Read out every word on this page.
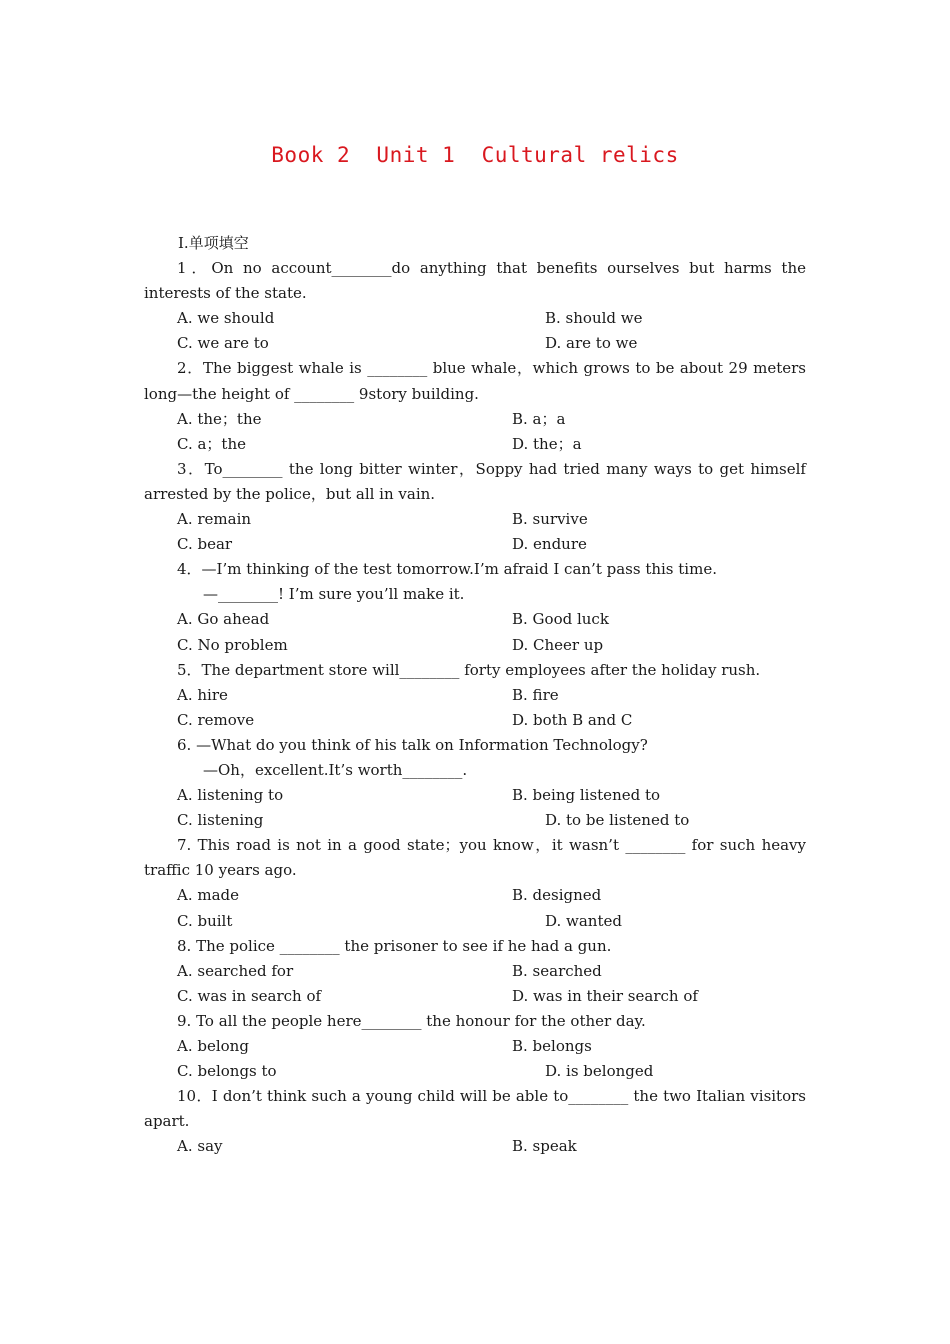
Book 2  Unit 1  Cultural relics
Ⅰ.单项填空

1．On no account________do anything that benefits ourselves but harms the interests of the state.

A. we should	B. should we
C. we are to	D. are to we

2．The biggest whale is ________ blue whale，which grows to be about 29 meters long—the height of ________ 9story building.

A. the；the	B. a；a
C. a；the	D. the；a

3．To________ the long bitter winter，Soppy had tried many ways to get himself arrested by the police，but all in vain.

A. remain	B. survive
C. bear	D. endure

4．—I’m thinking of the test tomorrow.I’m afraid I can’t pass this time.

—________! I’m sure you’ll make it.

A. Go ahead	B. Good luck
C. No problem	D. Cheer up

5．The department store will________ forty employees after the holiday rush.

A. hire	B. fire
C. remove	D. both B and C

6. —What do you think of his talk on Information Technology?

—Oh，excellent.It’s worth________.

A. listening to	B. being listened to
C. listening	D. to be listened to

7. This road is not in a good state；you know，it wasn’t ________ for such heavy traffic 10 years ago.

A. made	B. designed
C. built	D. wanted

8. The police ________ the prisoner to see if he had a gun.

A. searched for	B. searched
C. was in search of	D. was in their search of

9. To all the people here________ the honour for the other day.

A. belong	B. belongs
C. belongs to	D. is belonged

10．I don’t think such a young child will be able to________ the two Italian visitors apart.

A. say	B. speak
